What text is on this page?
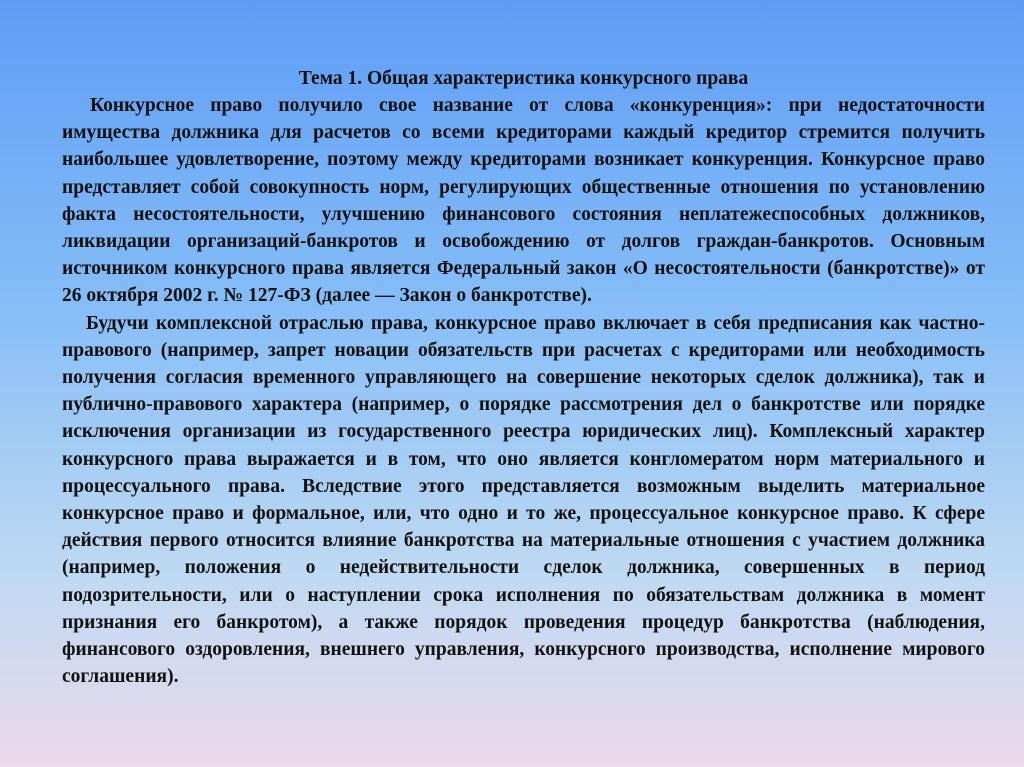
Тема 1. Общая характеристика конкурсного права

Конкурсное право получило свое название от слова «конкуренция»: при недостаточности имущества должника для расчетов со всеми кредиторами каждый кредитор стремится получить наибольшее удовлетворение, поэтому между кредиторами возникает конкуренция. Конкурсное право представляет собой совокупность норм, регулирующих общественные отношения по установлению факта несостоятельности, улучшению финансового состояния неплатежеспособных должников, ликвидации организаций-банкротов и освобождению от долгов граждан-банкротов. Основным источником конкурсного права является Федеральный закон «О несостоятельности (банкротстве)» от 26 октября 2002 г. № 127-ФЗ (далее — Закон о банкротстве).

Будучи комплексной отраслью права, конкурсное право включает в себя предписания как частно-правового (например, запрет новации обязательств при расчетах с кредиторами или необходимость получения согласия временного управляющего на совершение некоторых сделок должника), так и публично-правового характера (например, о порядке рассмотрения дел о банкротстве или порядке исключения организации из государственного реестра юридических лиц). Комплексный характер конкурсного права выражается и в том, что оно является конгломератом норм материального и процессуального права. Вследствие этого представляется возможным выделить материальное конкурсное право и формальное, или, что одно и то же, процессуальное конкурсное право. К сфере действия первого относится влияние банкротства на материальные отношения с участием должника (например, положения о недействительности сделок должника, совершенных в период подозрительности, или о наступлении срока исполнения по обязательствам должника в момент признания его банкротом), а также порядок проведения процедур банкротства (наблюдения, финансового оздоровления, внешнего управления, конкурсного производства, исполнение мирового соглашения).
